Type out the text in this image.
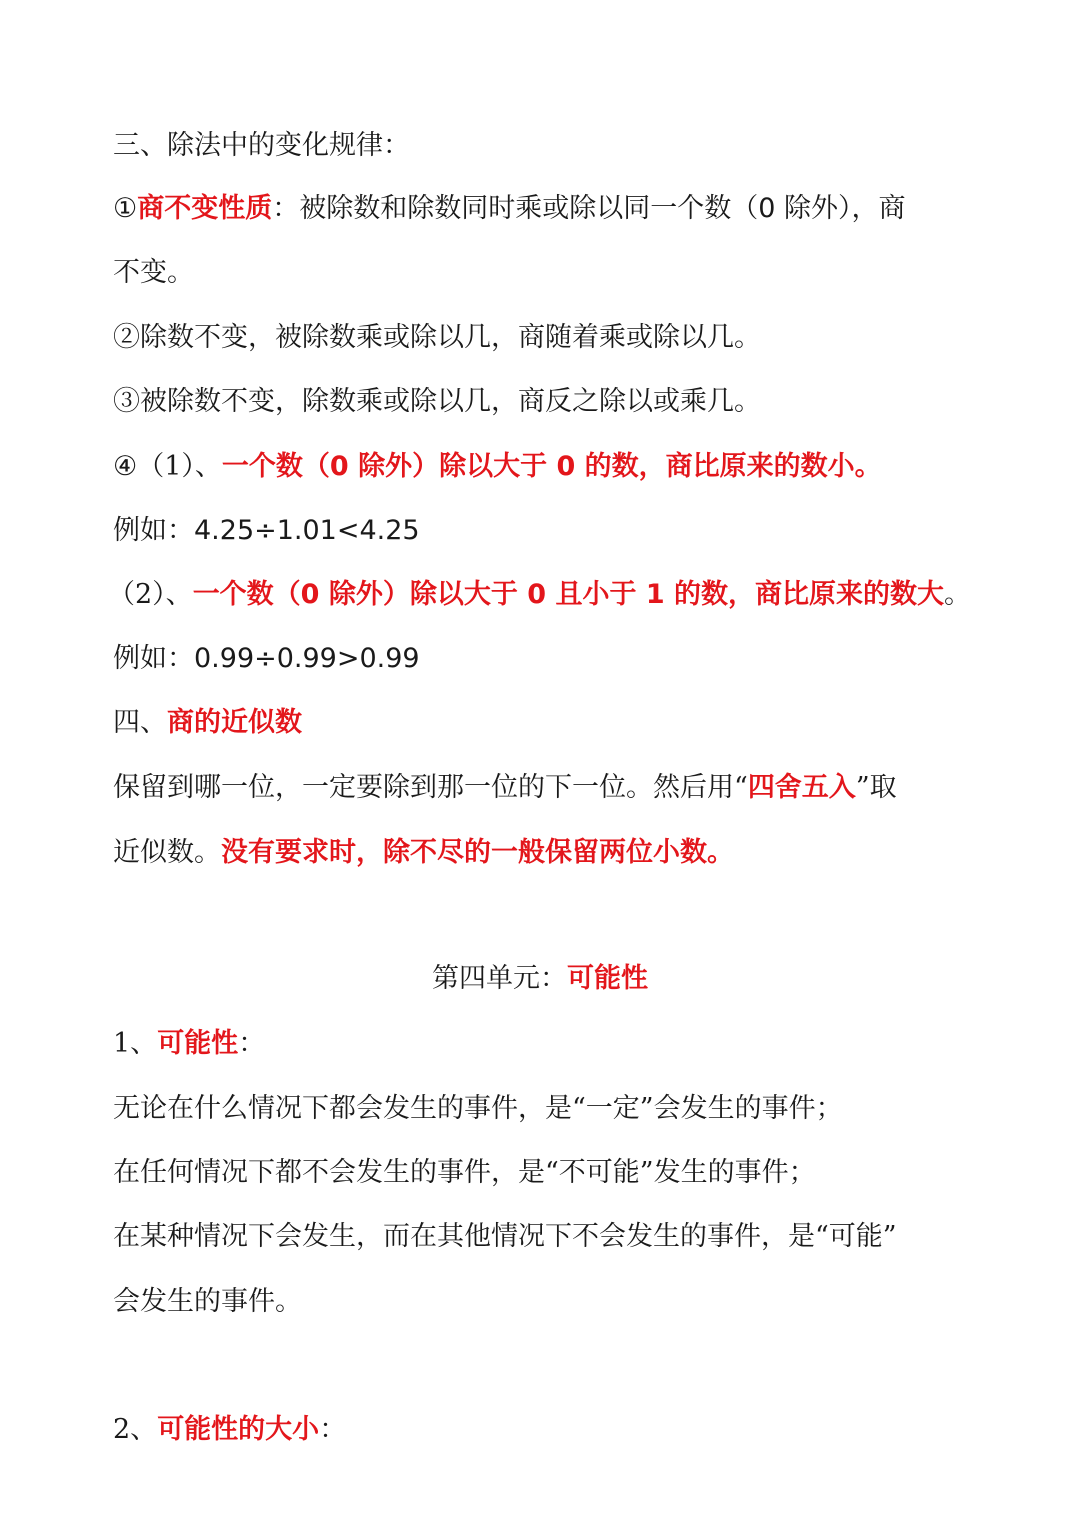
三、除法中的变化规律：
①商不变性质：被除数和除数同时乘或除以同一个数（0 除外），商
不变。
②除数不变，被除数乘或除以几，商随着乘或除以几。
③被除数不变，除数乘或除以几，商反之除以或乘几。
④（1）、一个数（0 除外）除以大于 0 的数，商比原来的数小。
例如：4.25÷1.01<4.25
（2）、一个数（0 除外）除以大于 0 且小于 1 的数，商比原来的数大。
例如：0.99÷0.99>0.99
四、商的近似数
保留到哪一位，一定要除到那一位的下一位。然后用“四舍五入”取
近似数。没有要求时，除不尽的一般保留两位小数。
第四单元：可能性
1、可能性：
无论在什么情况下都会发生的事件，是“一定”会发生的事件；
在任何情况下都不会发生的事件，是“不可能”发生的事件；
在某种情况下会发生，而在其他情况下不会发生的事件，是“可能”
会发生的事件。
2、可能性的大小：
